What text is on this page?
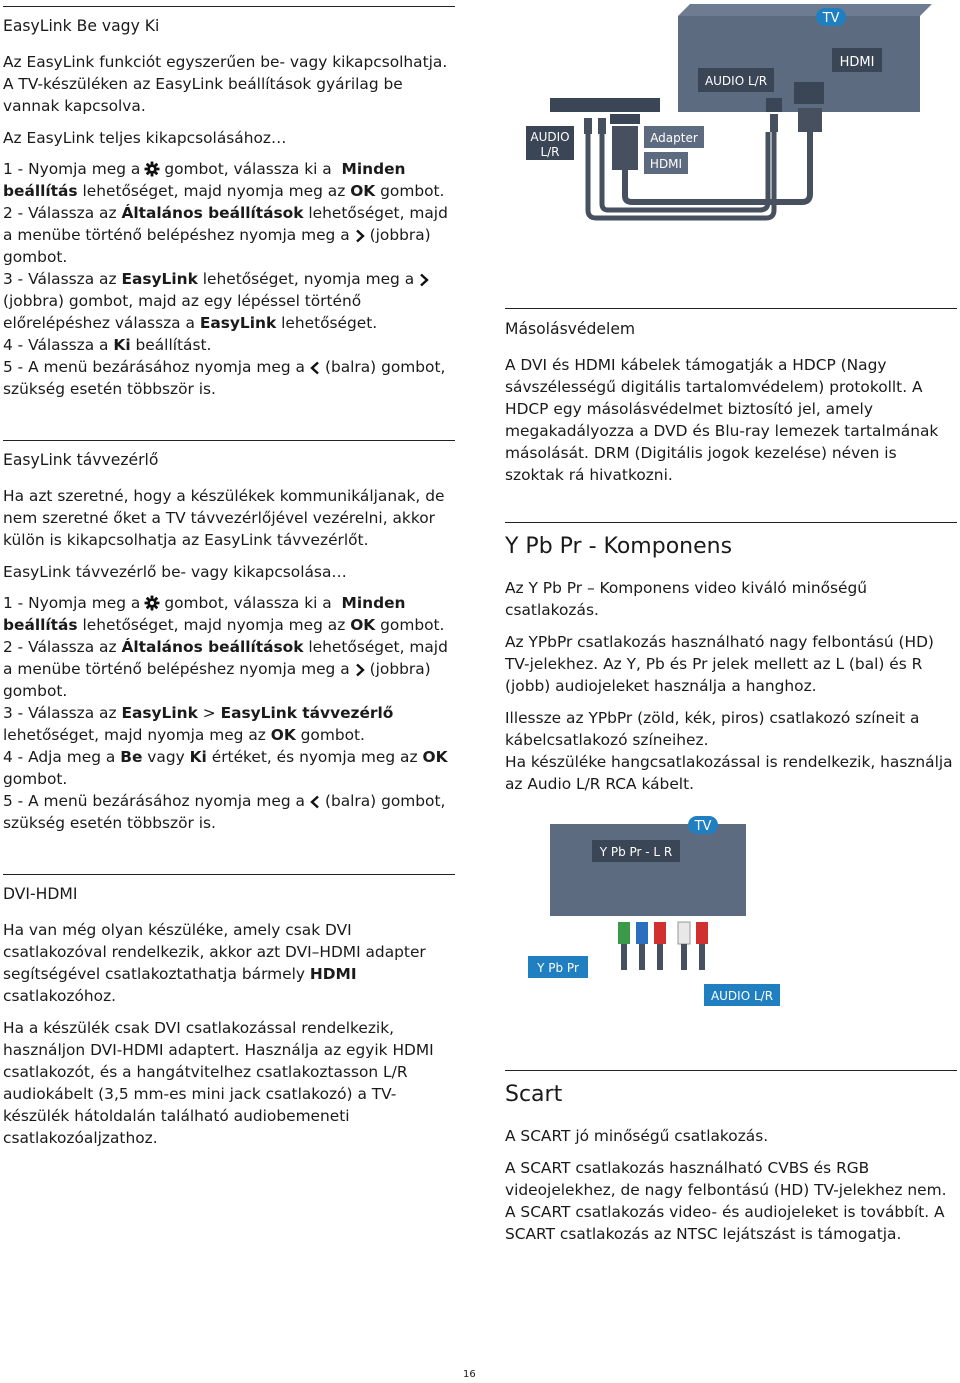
EasyLink Be vagy Ki

Az EasyLink funkciót egyszerűen be- vagy kikapcsolhatja. A TV-készüléken az EasyLink beállítások gyárilag be vannak kapcsolva.

Az EasyLink teljes kikapcsolásához…

1 - Nyomja meg a gombot, válassza ki a Minden beállítás lehetőséget, majd nyomja meg az OK gombot.
2 - Válassza az Általános beállítások lehetőséget, majd a menübe történő belépéshez nyomja meg a (jobbra) gombot.
3 - Válassza az EasyLink lehetőséget, nyomja meg a(jobbra) gombot, majd az egy lépéssel történő előrelépéshez válassza a EasyLink lehetőséget.
4 - Válassza a Ki beállítást.
5 - A menü bezárásához nyomja meg a (balra) gombot, szükség esetén többször is.
EasyLink távvezérlő

Ha azt szeretné, hogy a készülékek kommunikáljanak, de nem szeretné őket a TV távvezérlőjével vezérelni, akkor külön is kikapcsolhatja az EasyLink távvezérlőt.

EasyLink távvezérlő be- vagy kikapcsolása…

1 - Nyomja meg a gombot, válassza ki a Minden beállítás lehetőséget, majd nyomja meg az OK gombot.
2 - Válassza az Általános beállítások lehetőséget, majd a menübe történő belépéshez nyomja meg a (jobbra) gombot.
3 - Válassza az EasyLink > EasyLink távvezérlő lehetőséget, majd nyomja meg az OK gombot.
4 - Adja meg a Be vagy Ki értéket, és nyomja meg az OK gombot.
5 - A menü bezárásához nyomja meg a (balra) gombot, szükség esetén többször is.
DVI-HDMI

Ha van még olyan készüléke, amely csak DVI csatlakozóval rendelkezik, akkor azt DVI–HDMI adapter segítségével csatlakoztathatja bármely HDMI csatlakozóhoz.

Ha a készülék csak DVI csatlakozással rendelkezik, használjon DVI-HDMI adaptert. Használja az egyik HDMI csatlakozót, és a hangátvitelhez csatlakoztasson L/R audiokábelt (3,5 mm-es mini jack csatlakozó) a TV-készülék hátoldalán található audiobemeneti csatlakozóaljzathoz.

TV
HDMI
AUDIO L/R
AUDIO
L/R
Adapter
HDMI
Másolásvédelem

A DVI és HDMI kábelek támogatják a HDCP (Nagy sávszélességű digitális tartalomvédelem) protokollt. A HDCP egy másolásvédelmet biztosító jel, amely megakadályozza a DVD és Blu-ray lemezek tartalmának másolását. DRM (Digitális jogok kezelése) néven is szoktak rá hivatkozni.

Y Pb Pr - Komponens

Az Y Pb Pr – Komponens video kiváló minőségű csatlakozás.

Az YPbPr csatlakozás használható nagy felbontású (HD) TV-jelekhez. Az Y, Pb és Pr jelek mellett az L (bal) és R (jobb) audiojeleket használja a hanghoz.

Illessze az YPbPr (zöld, kék, piros) csatlakozó színeit a kábelcsatlakozó színeihez.
Ha készüléke hangcsatlakozással is rendelkezik, használja az Audio L/R RCA kábelt.

TV
Y Pb Pr - L R
Y Pb Pr
AUDIO L/R
Scart

A SCART jó minőségű csatlakozás.

A SCART csatlakozás használható CVBS és RGB videojelekhez, de nagy felbontású (HD) TV-jelekhez nem. A SCART csatlakozás video- és audiojeleket is továbbít. A SCART csatlakozás az NTSC lejátszást is támogatja.

16
